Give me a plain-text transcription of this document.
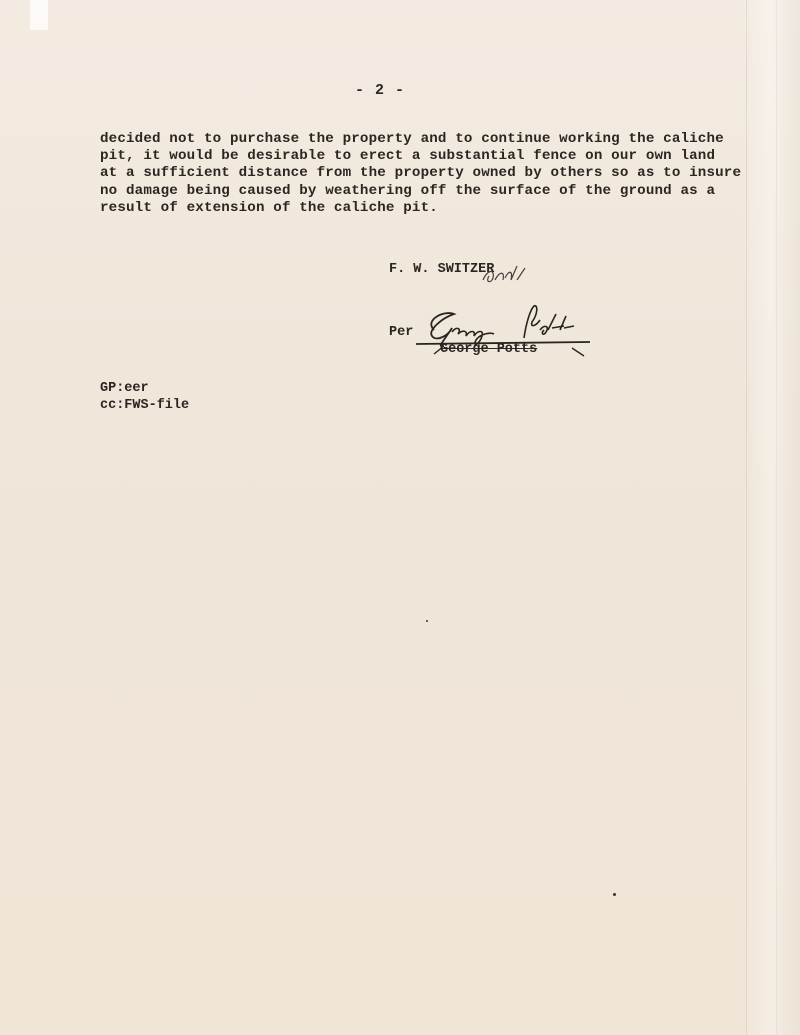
- 2 -
decided not to purchase the property and to continue working the caliche
pit, it would be desirable to erect a substantial fence on our own land
at a sufficient distance from the property owned by others so as to insure
no damage being caused by weathering off the surface of the ground as a
result of extension of the caliche pit.
F. W. SWITZER
Per
George Potts
GP:eer
cc:FWS-file
